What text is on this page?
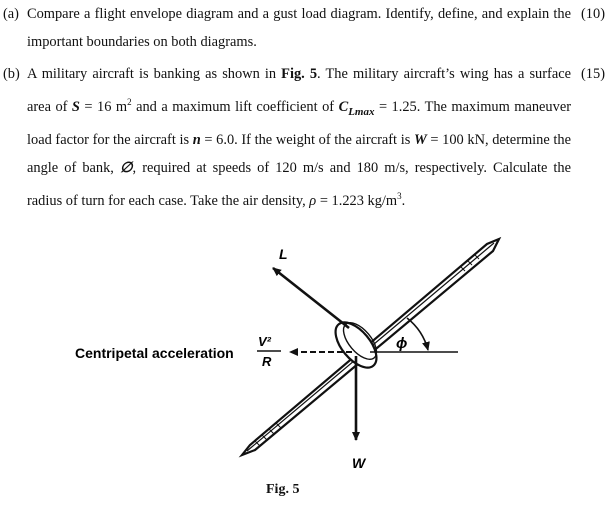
(a) Compare a flight envelope diagram and a gust load diagram. Identify, define, and explain the important boundaries on both diagrams.
(10)
(b) A military aircraft is banking as shown in Fig. 5. The military aircraft’s wing has a surface area of S = 16 $m^2$ and a maximum lift coefficient of $C_{Lmax} = 1.25$. The maximum maneuver load factor for the aircraft is n = 6.0. If the weight of the aircraft is W = 100 kN, determine the angle of bank, ∅, required at speeds of 120 m/s and 180 m/s, respectively. Calculate the radius of turn for each case. Take the air density, ρ = 1.223 $kg/m^3$.
(15)
L
W
ϕ
Centripetal acceleration
V²
R
Fig. 5
